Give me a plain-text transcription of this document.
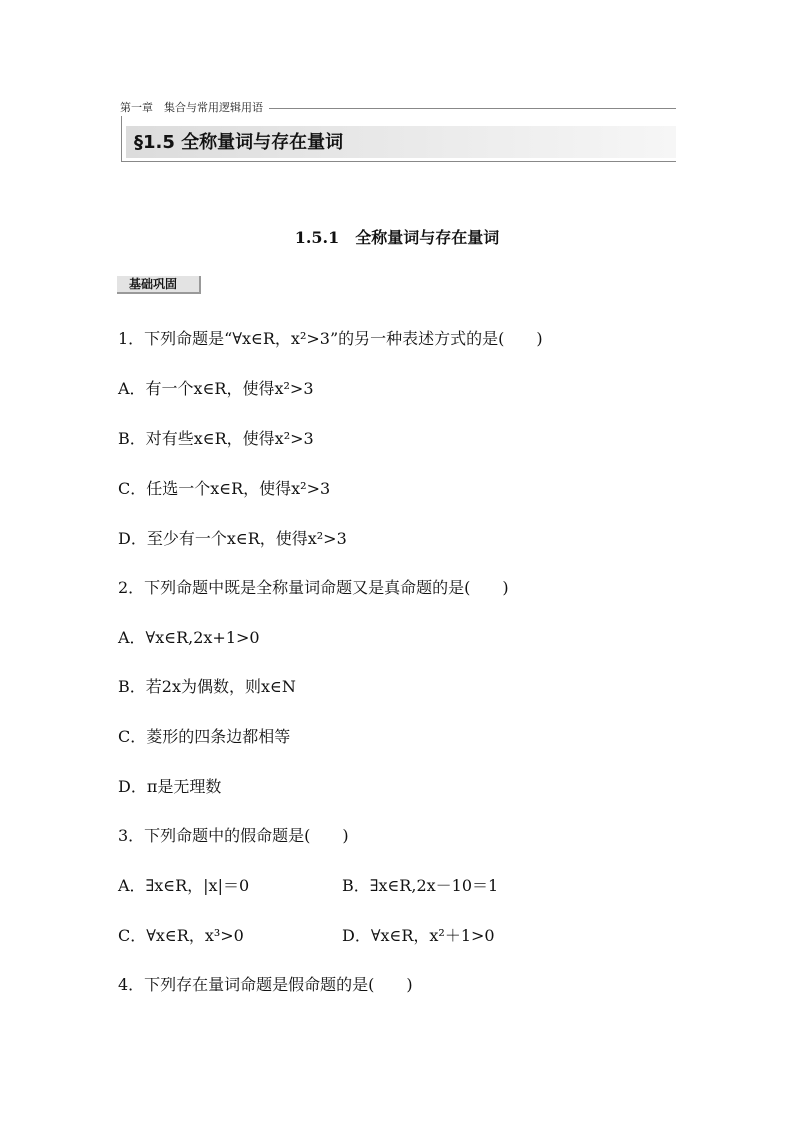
第一章　集合与常用逻辑用语
§1.5 全称量词与存在量词
1.5.1　全称量词与存在量词
基础巩固
1．下列命题是“∀x∈R，x²>3”的另一种表述方式的是(　　)
A．有一个x∈R，使得x²>3
B．对有些x∈R，使得x²>3
C．任选一个x∈R，使得x²>3
D．至少有一个x∈R，使得x²>3
2．下列命题中既是全称量词命题又是真命题的是(　　)
A．∀x∈R,2x+1>0
B．若2x为偶数，则x∈N
C．菱形的四条边都相等
D．π是无理数
3．下列命题中的假命题是(　　)
A．∃x∈R，|x|＝0	B．∃x∈R,2x－10＝1
C．∀x∈R，x³>0	D．∀x∈R，x²＋1>0
4．下列存在量词命题是假命题的是(　　)
